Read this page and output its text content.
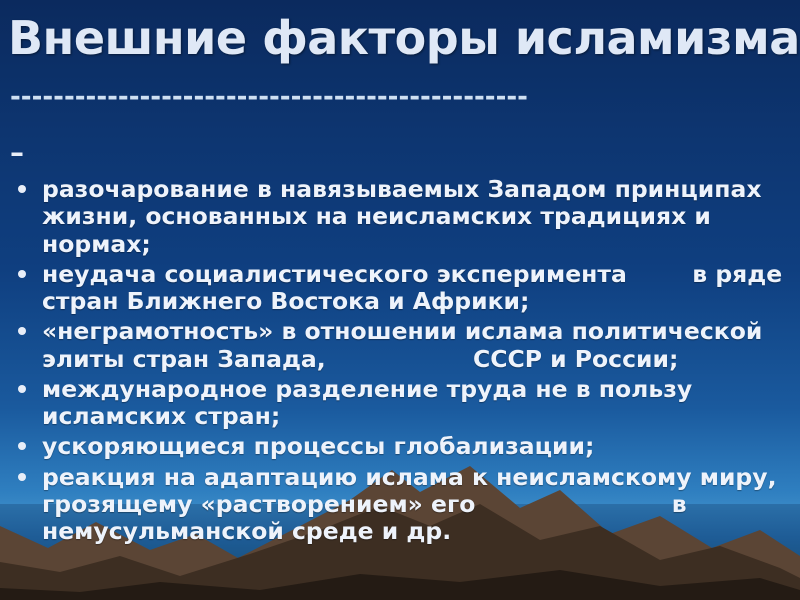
Внешние факторы исламизма
------------------------------------------------
–
разочарование в навязываемых Западом принципах жизни, основанных на неисламских традициях и нормах;
неудача социалистического эксперимента        в ряде стран Ближнего Востока и Африки;
«неграмотность» в отношении ислама политической элиты стран Запада,                  СССР и России;
международное разделение труда не в пользу исламских стран;
ускоряющиеся процессы глобализации;
реакция на адаптацию ислама к неисламскому миру, грозящему «растворением» его                        в немусульманской среде и др.
